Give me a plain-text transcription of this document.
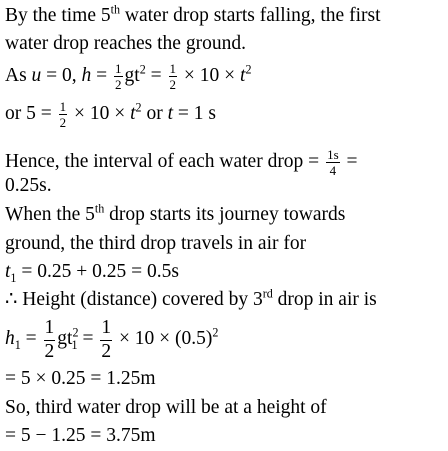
By the time 5th water drop starts falling, the first
water drop reaches the ground.
As u = 0, $h = \frac{1}{2} gt^2 = \frac{1}{2} \times 10 \times t^2$
or $5 = \frac{1}{2} \times 10 \times t^2$ or t = 1 s
Hence, the interval of each water drop = $\frac{1s}{4}$ =
0.25s.
When the 5th drop starts its journey towards
ground, the third drop travels in air for
$t_1 = 0.25 + 0.25 = 0.5s$
∴ Height (distance) covered by 3rd drop in air is
$h_1 = \frac{1}{2} gt^2_1 = \frac{1}{2} \times 10 \times (0.5)^2$
= 5 × 0.25 = 1.25m
So, third water drop will be at a height of
= 5 − 1.25 = 3.75m
